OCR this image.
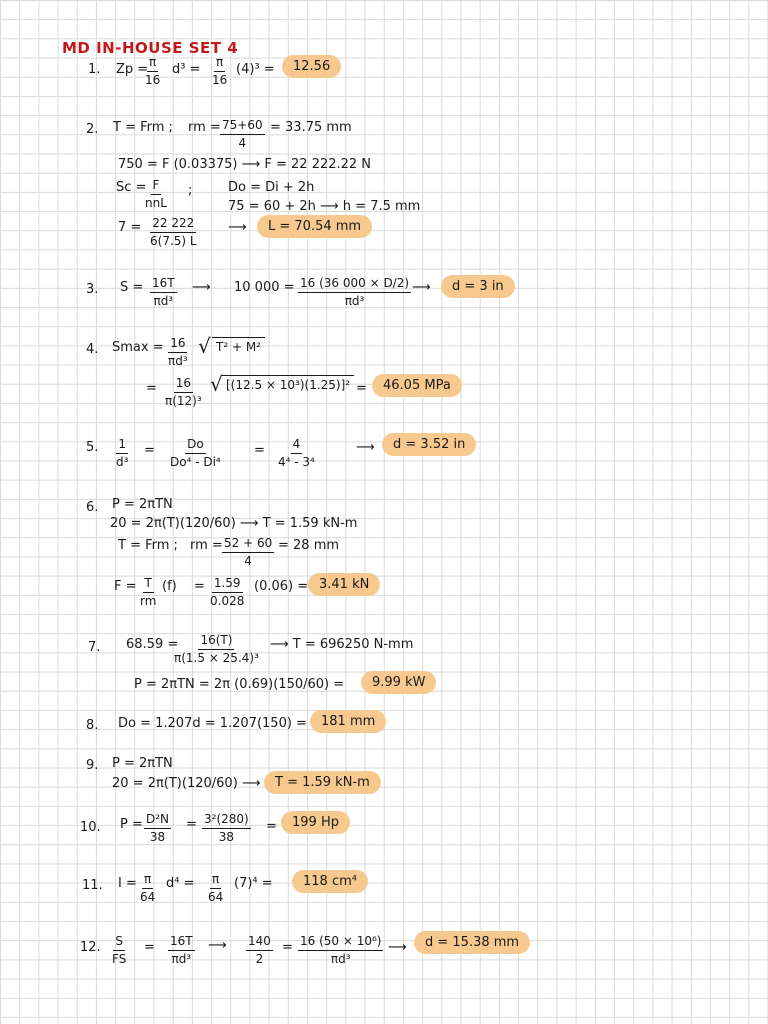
MD IN-HOUSE SET 4
1. Zp =
$\frac{\pi}{16} d^3 = \frac{\pi}{16} (4)^3$ =	12.56
2. T = Frm ; rm = $\frac{75+60}{4} = 33.75$ mm
750 = F (0.03375) ⟶ F = 22 222.22 N
Sc = F
nnL
;	Do = Di + 2h
75 = 60 + 2h ⟶ h = 7.5 mm
$7 = \frac{22 222}{6(7.5) L}$ ⟶	L = 70.54 mm
3. $S = \frac{16T}{\text{πd³}}$ ⟶ 10 $000 = \frac{16 (36 000 \times D/2)}{\text{πd³}}$ ⟶	d = 3 in
4. $Smax = \frac{16}{\text{πd³}}$ √ T² + M²
= $\frac{16}{\text{π(12)³}}$ √ [(12.5 × 10³)(1.25)]² =	46.05 MPa
5. $\frac{1}{\text{d³}} = \frac{Do}{\text{Do⁴ - Di⁴}}$	= $\frac{4}{\text{4⁴ - 3⁴}}$	⟶	d = 3.52 in
6. P = 2πTN
20 = 2π(T)(120/60) ⟶ T = 1.59 kN-m
T = Frm ; rm = $\frac{52 + 60}{4} = 28$ mm
$F = \frac{T}{rm} (f) = \frac{1.59}{0.028} (0.06) = 3.41$ kN
7. 68.59 =
$\frac{16(T)}{\text{π(1.5 × 25.4)³}}$ ⟶ T = 696250 N-mm
P = 2πTN = 2π (0.69)(150/60) =	9.99 kW
8. Do = 1.207d = 1.207(150) =	181 mm
9. P = 2πTN
20 = 2π(T)(120/60) ⟶	T = 1.59 kN-m
10. $P = \frac{\text{D²N}}{38} = \frac{\text{3²(280)}}{38}$ =	199 Hp
11. $I = \frac{\pi}{64} d^4 = \frac{\pi}{64} (7)^4$ =	118 cm⁴
12. $\frac{S}{FS} = \frac{16T}{\text{πd³}}$ ⟶ $\frac{140}{2} = \frac{\text{16 (50 × 10⁶)}}{\text{πd³}}$ ⟶	d = 15.38 mm
